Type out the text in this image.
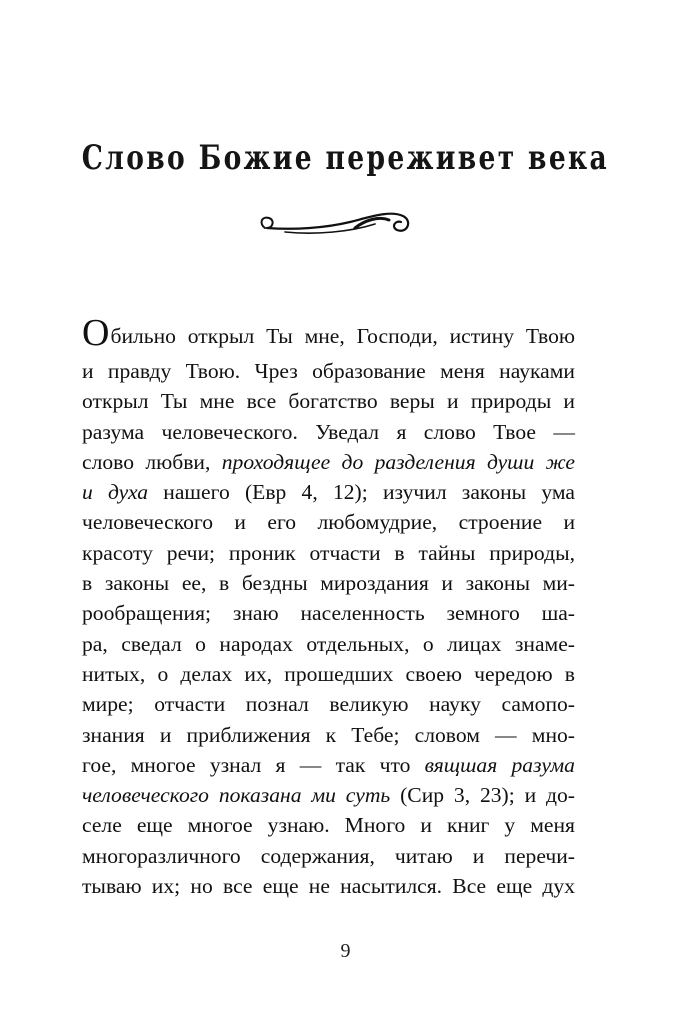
Слово Божие переживет века
Обильно открыл Ты мне, Господи, истину Твою
и правду Твою. Чрез образование меня науками
открыл Ты мне все богатство веры и природы и
разума человеческого. Уведал я слово Твое —
слово любви, проходящее до разделения души же
и духа нашего (Евр 4, 12); изучил законы ума
человеческого и его любомудрие, строение и
красоту речи; проник отчасти в тайны природы,
в законы ее, в бездны мироздания и законы ми-
рообращения; знаю населенность земного ша-
ра, сведал о народах отдельных, о лицах знаме-
нитых, о делах их, прошедших своею чередою в
мире; отчасти познал великую науку самопо-
знания и приближения к Тебе; словом — мно-
гое, многое узнал я — так что вящшая разума
человеческого показана ми суть (Сир 3, 23); и до-
селе еще многое узнаю. Много и книг у меня
многоразличного содержания, читаю и перечи-
тываю их; но все еще не насытился. Все еще дух
9
